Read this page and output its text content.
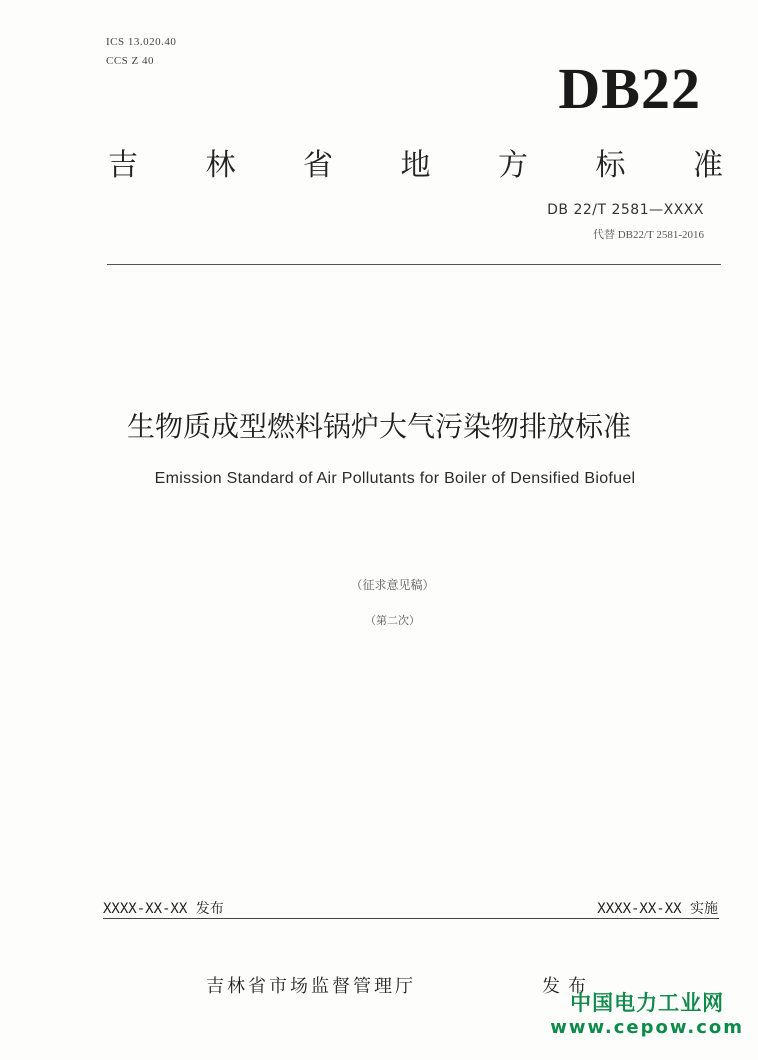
ICS 13.020.40
CCS Z 40	DB22
吉 林 省 地 方 标 准
DB 22/T 2581—XXXX
代替 DB22/T 2581-2016
生物质成型燃料锅炉大气污染物排放标准
Emission Standard of Air Pollutants for Boiler of Densified Biofuel
（征求意见稿）
（第二次）
XXXX-XX-XX 发布	XXXX-XX-XX 实施
吉林省市场监督管理厅	发布
中国电力工业网
www.cepow.com
